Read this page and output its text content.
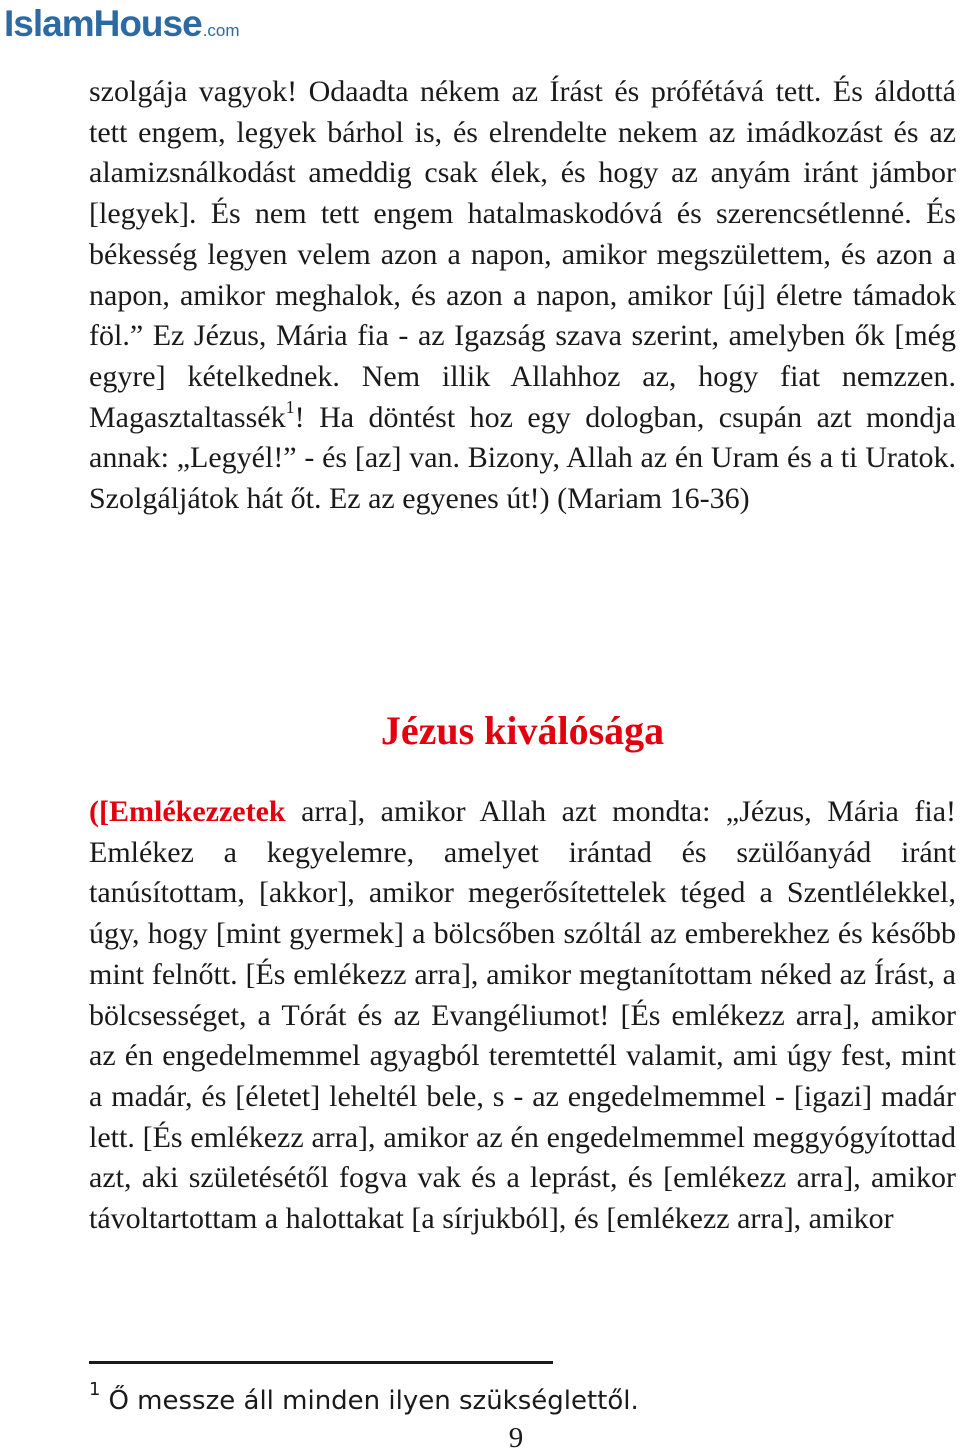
IslamHouse .com

szolgája vagyok! Odaadta nékem az Írást és prófétává tett. És áldottá tett engem, legyek bárhol is, és elrendelte nekem az imádkozást és az alamizsnálkodást ameddig csak élek, és hogy az anyám iránt jámbor [legyek]. És nem tett engem hatalmaskodóvá és szerencsétlenné. És békesség legyen velem azon a napon, amikor megszülettem, és azon a napon, amikor meghalok, és azon a napon, amikor [új] életre támadok föl.” Ez Jézus, Mária fia - az Igazság szava szerint, amelyben ők [még egyre] kételkednek. Nem illik Allahhoz az, hogy fiat nemzzen. Magasztaltassék$^1$! Ha döntést hoz egy dologban, csupán azt mondja annak: „Legyél!” - és [az] van. Bizony, Allah az én Uram és a ti Uratok. Szolgáljátok hát őt. Ez az egyenes út!) (Mariam 16-36)

Jézus kiválósága

([Emlékezzetek arra], amikor Allah azt mondta: „Jézus, Mária fia! Emlékez a kegyelemre, amelyet irántad és szülőanyád iránt tanúsítottam, [akkor], amikor megerősítettelek téged a Szentlélekkel, úgy, hogy [mint gyermek] a bölcsőben szóltál az emberekhez és később mint felnőtt. [És emlékezz arra], amikor megtanítottam néked az Írást, a bölcsességet, a Tórát és az Evangéliumot! [És emlékezz arra], amikor az én engedelmemmel agyagból teremtettél valamit, ami úgy fest, mint a madár, és [életet] leheltél bele, s - az engedelmemmel - [igazi] madár lett. [És emlékezz arra], amikor az én engedelmemmel meggyógyítottad azt, aki születésétől fogva vak és a leprást, és [emlékezz arra], amikor távoltartottam a halottakat [a sírjukból], és [emlékezz arra], amikor

$^1$ Ő messze áll minden ilyen szükséglettől.
9
